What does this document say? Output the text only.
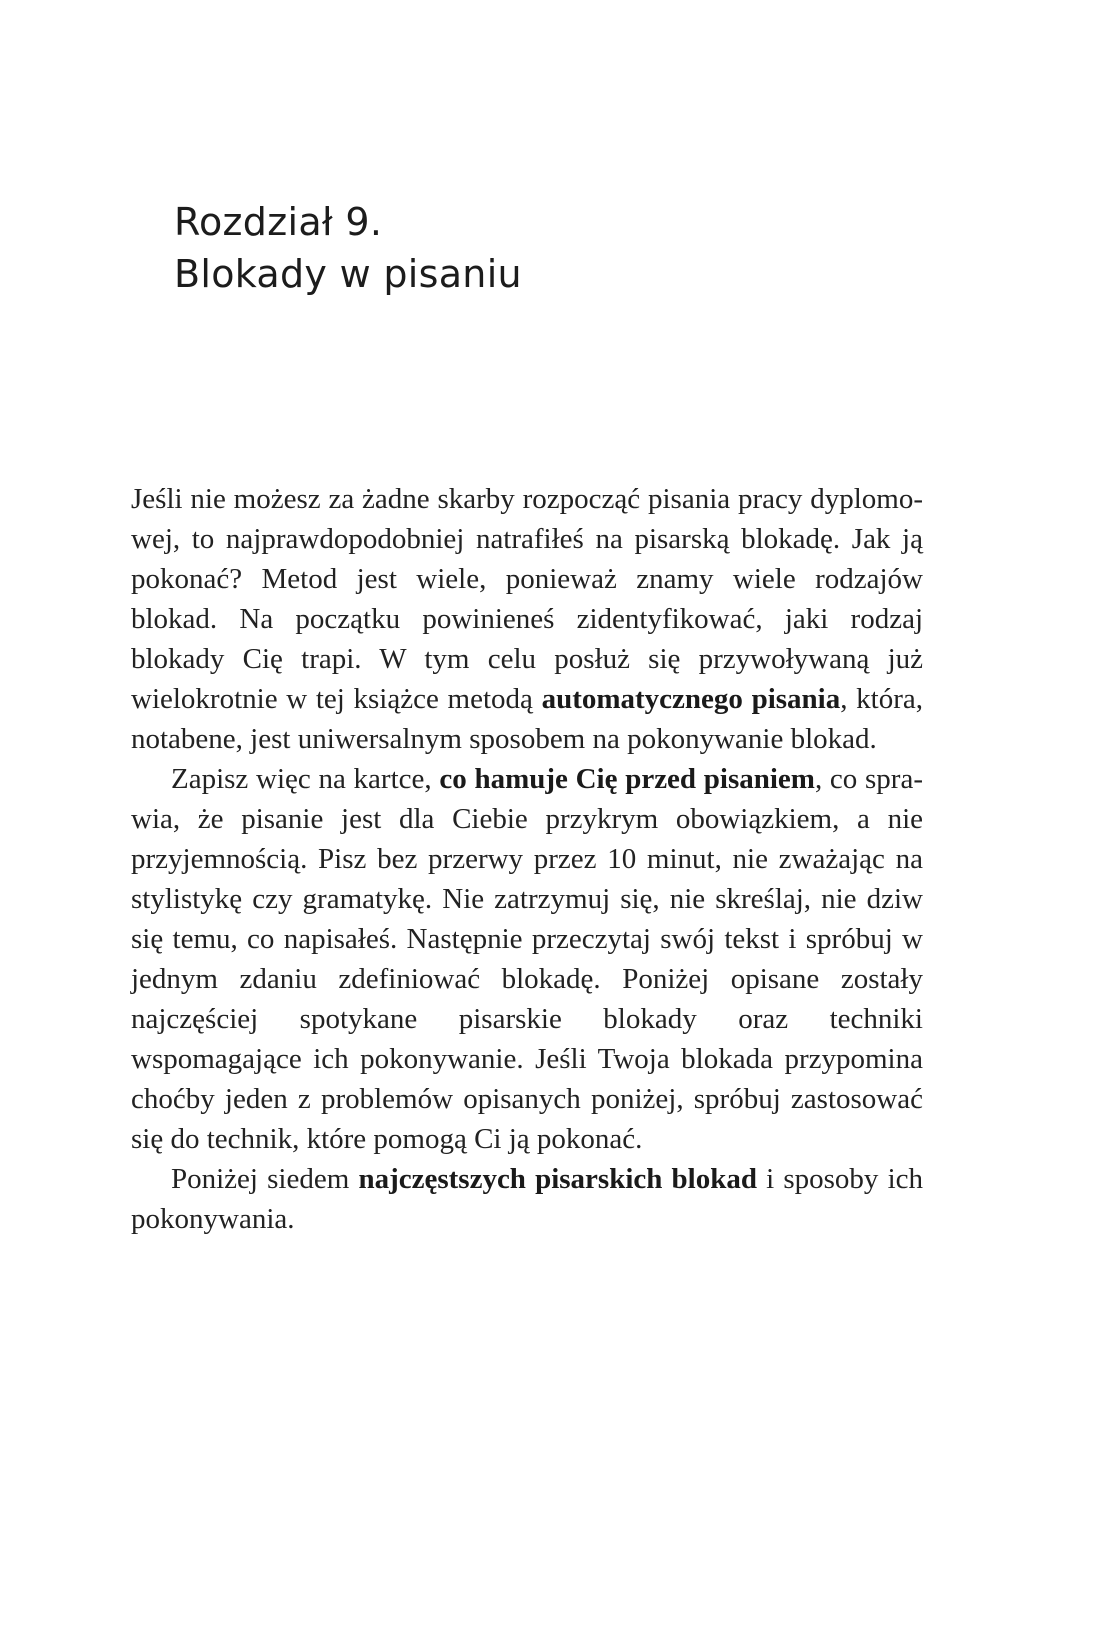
Rozdział 9.
Blokady w pisaniu

Jeśli nie możesz za żadne skarby rozpocząć pisania pracy dyplomowej, to najprawdopodobniej natrafiłeś na pisarską blokadę. Jak ją pokonać? Metod jest wiele, ponieważ znamy wiele rodzajów blokad. Na początku powinieneś zidentyfikować, jaki rodzaj blokady Cię trapi. W tym celu posłuż się przywoływaną już wielokrotnie w tej książce metodą automatycznego pisania, która, notabene, jest uniwersalnym sposobem na pokonywanie blokad.

Zapisz więc na kartce, co hamuje Cię przed pisaniem, co sprawia, że pisanie jest dla Ciebie przykrym obowiązkiem, a nie przyjemnością. Pisz bez przerwy przez 10 minut, nie zważając na stylistykę czy gramatykę. Nie zatrzymuj się, nie skreślaj, nie dziw się temu, co napisałeś. Następnie przeczytaj swój tekst i spróbuj w jednym zdaniu zdefiniować blokadę. Poniżej opisane zostały najczęściej spotykane pisarskie blokady oraz techniki wspomagające ich pokonywanie. Jeśli Twoja blokada przypomina choćby jeden z problemów opisanych poniżej, spróbuj zastosować się do technik, które pomogą Ci ją pokonać.

Poniżej siedem najczęstszych pisarskich blokad i sposoby ich pokonywania.
